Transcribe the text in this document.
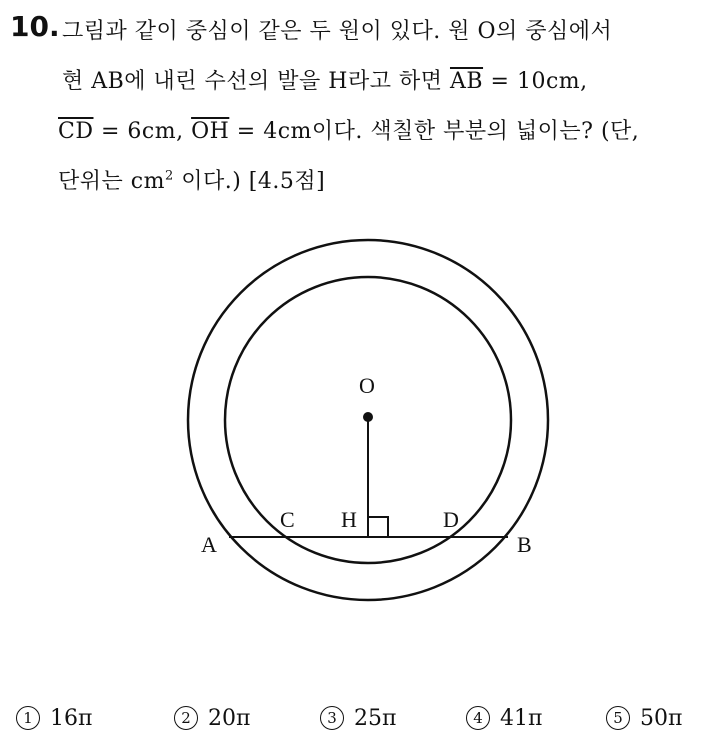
10. 그림과 같이 중심이 같은 두 원이 있다. 원 O의 중심에서
현 AB에 내린 수선의 발을 H라고 하면 $\overline{AB} = 10cm$,
$\overline{CD} = 6cm$, $\overline{OH} = 4cm$이다. 색칠한 부분의 넓이는? (단,
단위는 $cm^2$ 이다.) [4.5점]
O
A	B
C	D
H
1 16π	2 20π	3 25π	4 41π	5 50π
